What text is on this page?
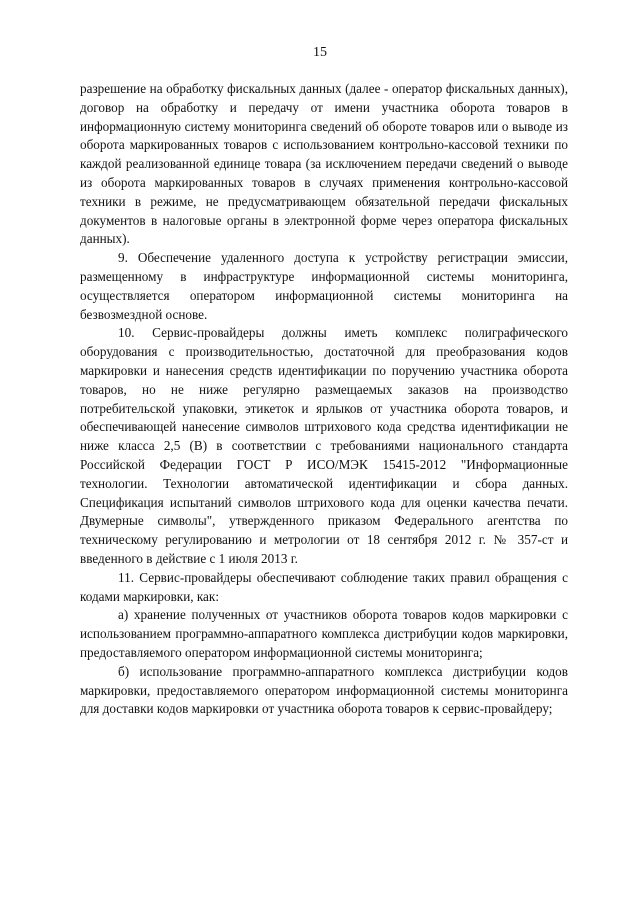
15

разрешение на обработку фискальных данных (далее - оператор фискальных данных), договор на обработку и передачу от имени участника оборота товаров в информационную систему мониторинга сведений об обороте товаров или о выводе из оборота маркированных товаров с использованием контрольно-кассовой техники по каждой реализованной единице товара (за исключением передачи сведений о выводе из оборота маркированных товаров в случаях применения контрольно-кассовой техники в режиме, не предусматривающем обязательной передачи фискальных документов в налоговые органы в электронной форме через оператора фискальных данных).

9. Обеспечение удаленного доступа к устройству регистрации эмиссии, размещенному в инфраструктуре информационной системы мониторинга, осуществляется оператором информационной системы мониторинга на безвозмездной основе.

10. Сервис-провайдеры должны иметь комплекс полиграфического оборудования с производительностью, достаточной для преобразования кодов маркировки и нанесения средств идентификации по поручению участника оборота товаров, но не ниже регулярно размещаемых заказов на производство потребительской упаковки, этикеток и ярлыков от участника оборота товаров, и обеспечивающей нанесение символов штрихового кода средства идентификации не ниже класса 2,5 (B) в соответствии с требованиями национального стандарта Российской Федерации ГОСТ Р ИСО/МЭК 15415-2012 "Информационные технологии. Технологии автоматической идентификации и сбора данных. Спецификация испытаний символов штрихового кода для оценки качества печати. Двумерные символы", утвержденного приказом Федерального агентства по техническому регулированию и метрологии от 18 сентября 2012 г. № 357-ст и введенного в действие с 1 июля 2013 г.

11. Сервис-провайдеры обеспечивают соблюдение таких правил обращения с кодами маркировки, как:

а) хранение полученных от участников оборота товаров кодов маркировки с использованием программно-аппаратного комплекса дистрибуции кодов маркировки, предоставляемого оператором информационной системы мониторинга;

б) использование программно-аппаратного комплекса дистрибуции кодов маркировки, предоставляемого оператором информационной системы мониторинга для доставки кодов маркировки от участника оборота товаров к сервис-провайдеру;
